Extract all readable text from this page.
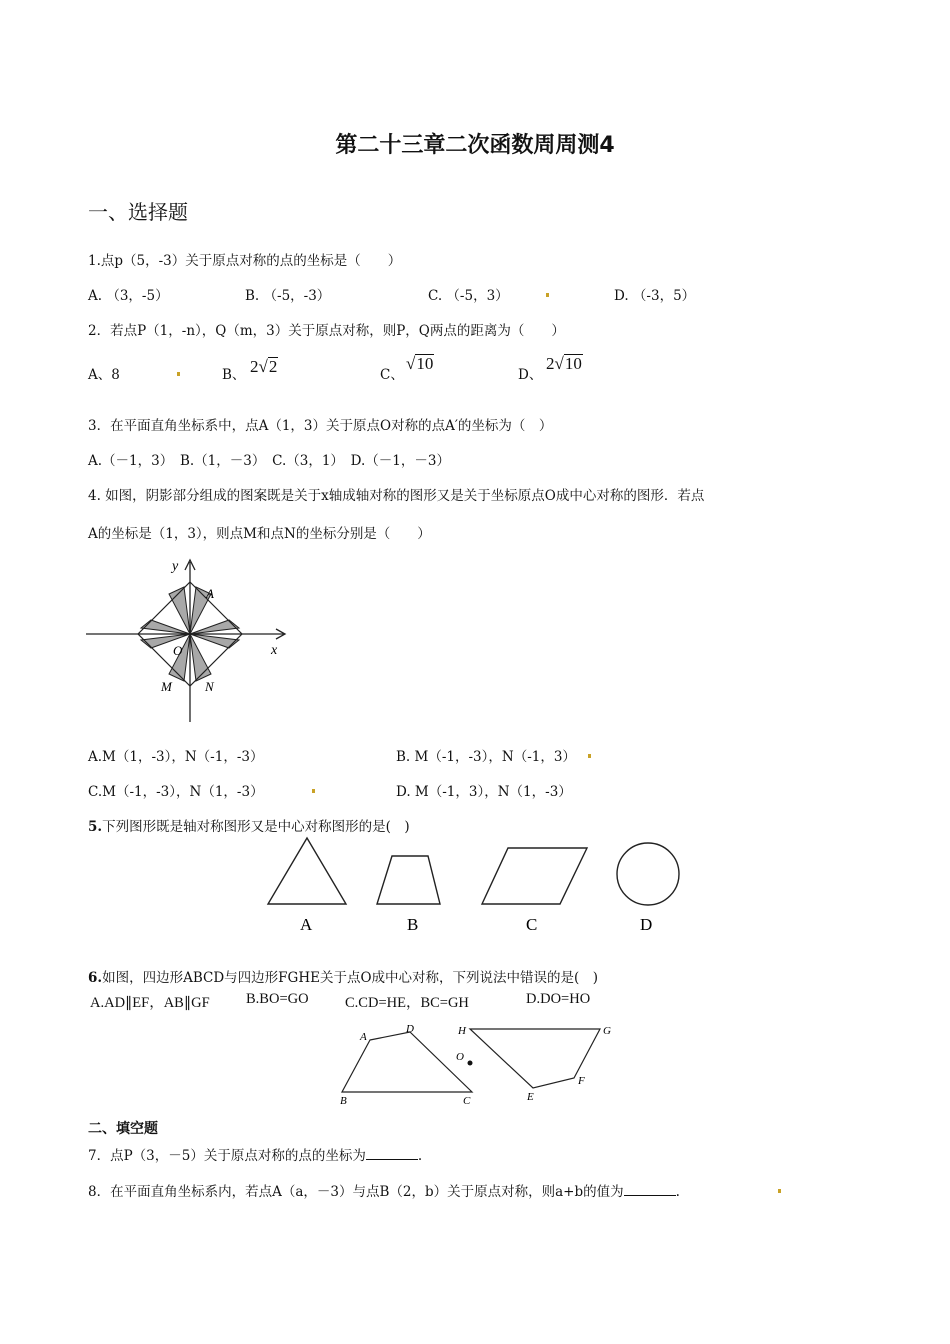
第二十三章二次函数周周测4
一、选择题
1.点p（5，-3）关于原点对称的点的坐标是（　　）
A. （3，-5）	B. （-5，-3）	C. （-5，3）	D. （-3，5）
2．若点P（1，-n），Q（m，3）关于原点对称，则P，Q两点的距离为（　　）
A、8	B、 2√2	C、
√10
D、
2√10
3．在平面直角坐标系中，点A（1，3）关于原点O对称的点A′的坐标为（　）
A.（－1，3）　B.（1，－3）　C.（3，1）　D.（－1，－3）
4. 如图，阴影部分组成的图案既是关于x轴成轴对称的图形又是关于坐标原点O成中心对称的图形．若点
A的坐标是（1，3），则点M和点N的坐标分别是（　　）
y
x
A
O
M	N
A.M（1，-3），N（-1，-3）	B. M（-1，-3），N（-1，3）
C.M（-1，-3），N（1，-3）	D. M（-1，3），N（1，-3）
5.下列图形既是轴对称图形又是中心对称图形的是(　)
A	B	C	D
6.如图，四边形ABCD与四边形FGHE关于点O成中心对称，下列说法中错误的是(　)
A.AD∥EF，AB∥GF	B.BO=GO	C.CD=HE，BC=GH	D.DO=HO
A
B	C
D
E
F
G
H
O
二、填空题
7．点P（3，－5）关于原点对称的点的坐标为	.
8．在平面直角坐标系内，若点A（a，－3）与点B（2，b）关于原点对称，则a+b的值为	.
